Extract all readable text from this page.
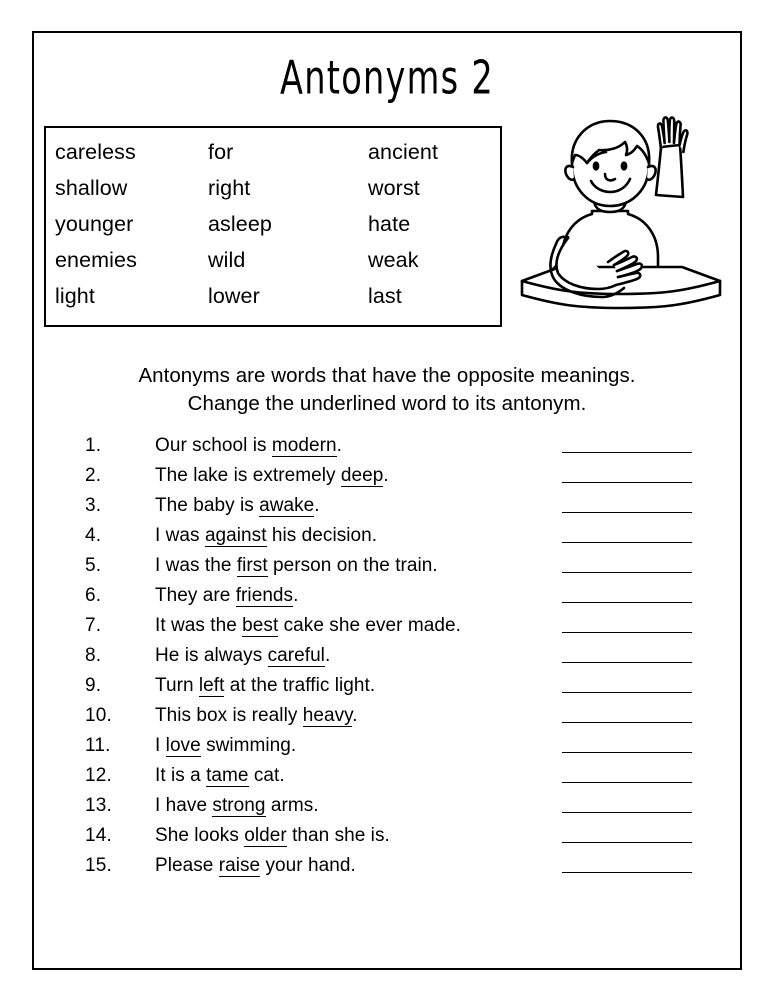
Antonyms 2
careless	for	ancient
shallow	right	worst
younger	asleep	hate
enemies	wild	weak
light	lower	last
Antonyms are words that have the opposite meanings.
Change the underlined word to its antonym.
1.	Our school is modern.
2.	The lake is extremely deep.
3.	The baby is awake.
4.	I was against his decision.
5.	I was the first person on the train.
6.	They are friends.
7.	It was the best cake she ever made.
8.	He is always careful.
9.	Turn left at the traffic light.
10. This box is really heavy.
11. I love swimming.
12. It is a tame cat.
13. I have strong arms.
14. She looks older than she is.
15. Please raise your hand.
